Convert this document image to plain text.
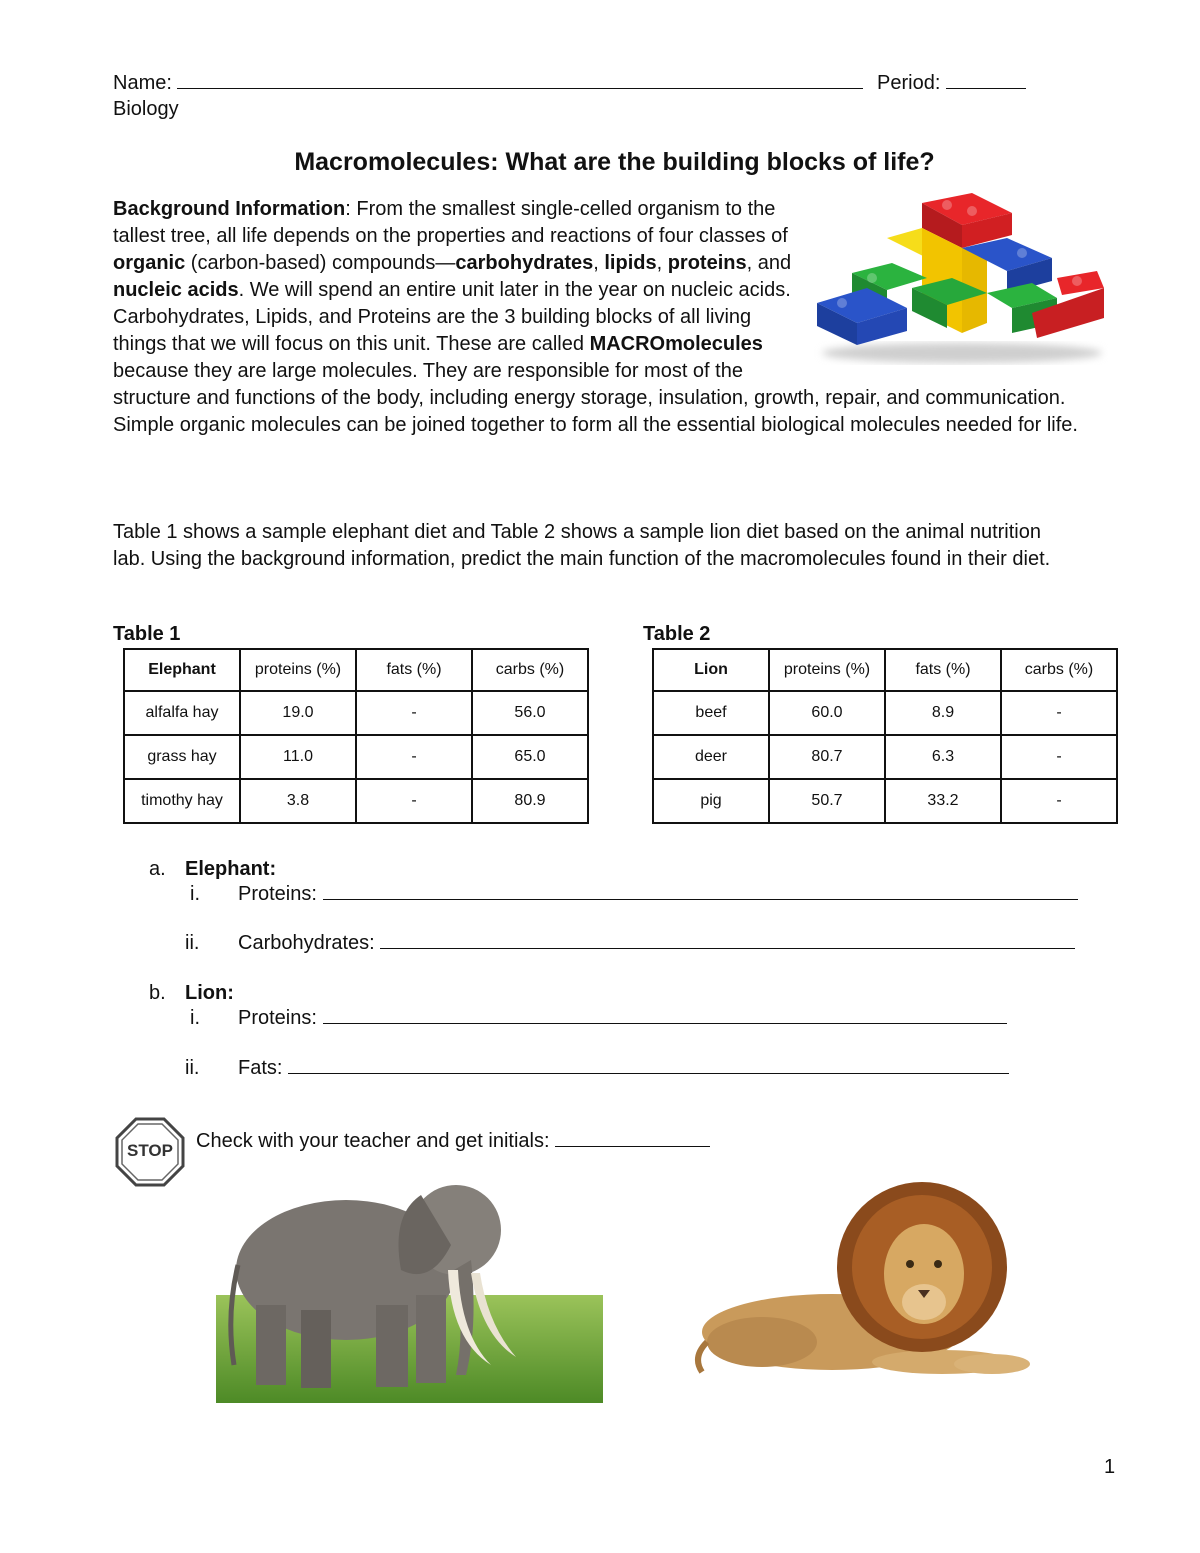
Name:	Period:
Biology
Macromolecules: What are the building blocks of life?
Background Information: From the smallest single-celled organism to the tallest tree, all life depends on the properties and reactions of four classes of organic (carbon-based) compounds—carbohydrates, lipids, proteins, and nucleic acids. We will spend an entire unit later in the year on nucleic acids. Carbohydrates, Lipids, and Proteins are the 3 building blocks of all living things that we will focus on this unit. These are called MACROmolecules because they are large molecules. They are responsible for most of the structure and functions of the body, including energy storage, insulation, growth, repair, and communication. Simple organic molecules can be joined together to form all the essential biological molecules needed for life.
Table 1 shows a sample elephant diet and Table 2 shows a sample lion diet based on the animal nutrition lab. Using the background information, predict the main function of the macromolecules found in their diet.
Table 1	Table 2
Elephant	proteins (%)	fats (%)	carbs (%)
alfalfa hay	19.0	-	56.0
grass hay	11.0	-	65.0
timothy hay	3.8	-	80.9
Lion	proteins (%)	fats (%)	carbs (%)
beef	60.0	8.9	-
deer	80.7	6.3	-
pig	50.7	33.2	-
a. Elephant:
i. Proteins:
ii. Carbohydrates:
b. Lion:
i. Proteins:
ii. Fats:
STOP	Check with your teacher and get initials:
1
